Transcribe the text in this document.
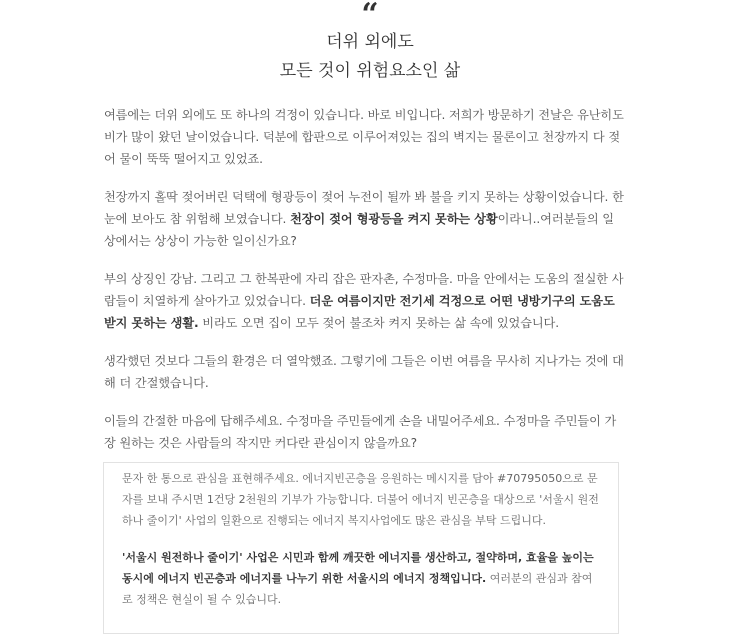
“
더위 외에도
모든 것이 위험요소인 삶

여름에는 더위 외에도 또 하나의 걱정이 있습니다. 바로 비입니다. 저희가 방문하기 전날은 유난히도 비가 많이 왔던 날이었습니다. 덕분에 합판으로 이루어져있는 집의 벽지는 물론이고 천장까지 다 젖어 물이 뚝뚝 떨어지고 있었죠.

천장까지 홀딱 젖어버린 덕택에 형광등이 젖어 누전이 될까 봐 불을 키지 못하는 상황이었습니다. 한눈에 보아도 참 위험해 보였습니다. 천장이 젖어 형광등을 켜지 못하는 상황이라니..여러분들의 일상에서는 상상이 가능한 일이신가요?

부의 상징인 강남. 그리고 그 한복판에 자리 잡은 판자촌, 수정마을. 마을 안에서는 도움의 절실한 사람들이 치열하게 살아가고 있었습니다. 더운 여름이지만 전기세 걱정으로 어떤 냉방기구의 도움도 받지 못하는 생활. 비라도 오면 집이 모두 젖어 불조차 켜지 못하는 삶 속에 있었습니다.

생각했던 것보다 그들의 환경은 더 열악했죠. 그렇기에 그들은 이번 여름을 무사히 지나가는 것에 대해 더 간절했습니다.

이들의 간절한 마음에 답해주세요. 수정마을 주민들에게 손을 내밀어주세요. 수정마을 주민들이 가장 원하는 것은 사람들의 작지만 커다란 관심이지 않을까요?

문자 한 통으로 관심을 표현해주세요. 에너지빈곤층을 응원하는 메시지를 담아 #70795050으로 문자를 보내 주시면 1건당 2천원의 기부가 가능합니다. 더불어 에너지 빈곤층을 대상으로 '서울시 원전하나 줄이기' 사업의 일환으로 진행되는 에너지 복지사업에도 많은 관심을 부탁 드립니다.

'서울시 원전하나 줄이기' 사업은 시민과 함께 깨끗한 에너지를 생산하고, 절약하며, 효율을 높이는 동시에 에너지 빈곤층과 에너지를 나누기 위한 서울시의 에너지 정책입니다. 여러분의 관심과 참여로 정책은 현실이 될 수 있습니다.
